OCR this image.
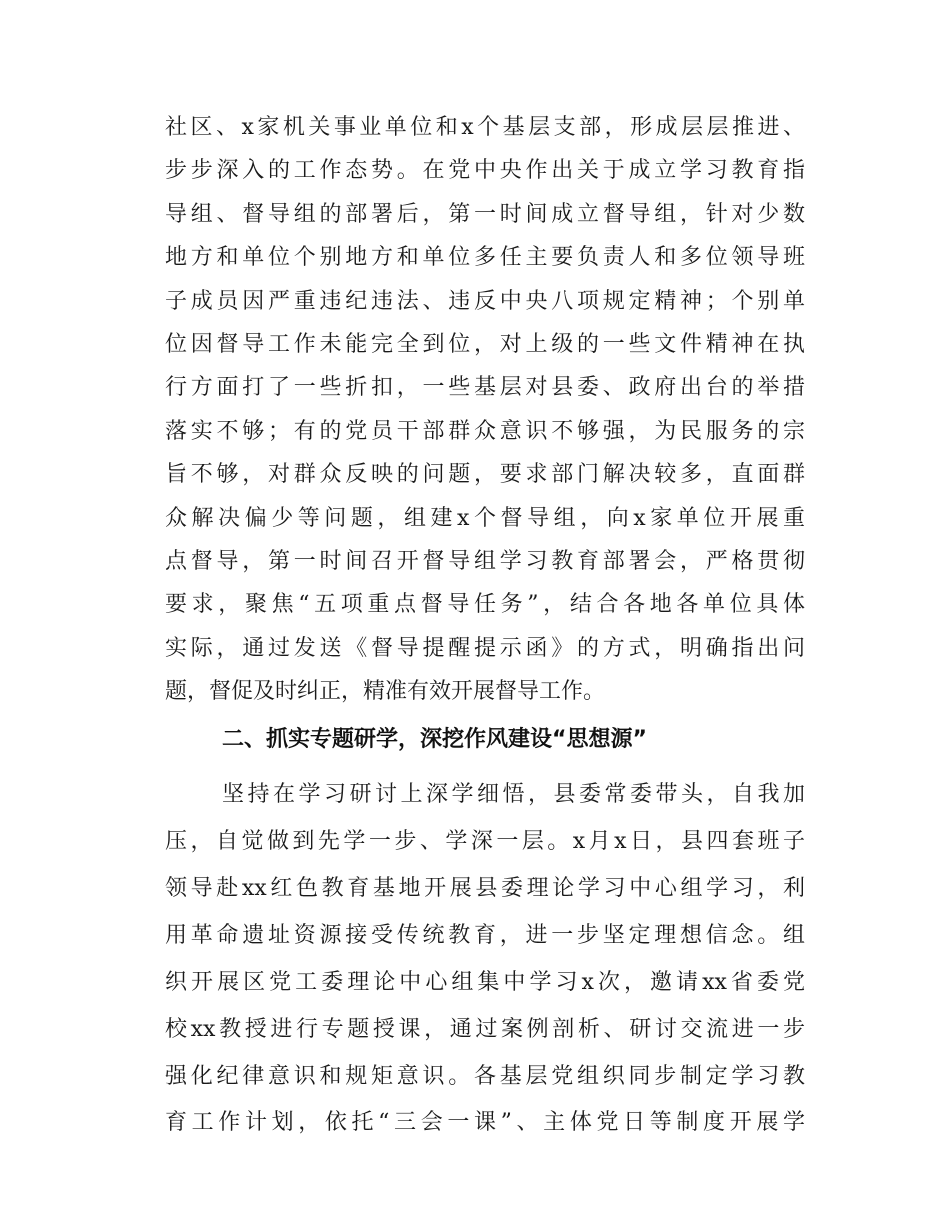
社区、x家机关事业单位和x个基层支部，形成层层推进、
步步深入的工作态势。在党中央作出关于成立学习教育指
导组、督导组的部署后，第一时间成立督导组，针对少数
地方和单位个别地方和单位多任主要负责人和多位领导班
子成员因严重违纪违法、违反中央八项规定精神；个别单
位因督导工作未能完全到位，对上级的一些文件精神在执
行方面打了一些折扣，一些基层对县委、政府出台的举措
落实不够；有的党员干部群众意识不够强，为民服务的宗
旨不够，对群众反映的问题，要求部门解决较多，直面群
众解决偏少等问题，组建x个督导组，向x家单位开展重
点督导，第一时间召开督导组学习教育部署会，严格贯彻
要求，聚焦“五项重点督导任务”，结合各地各单位具体
实际，通过发送《督导提醒提示函》的方式，明确指出问
题，督促及时纠正，精准有效开展督导工作。
二、抓实专题研学，深挖作风建设“思想源”
坚持在学习研讨上深学细悟，县委常委带头，自我加
压，自觉做到先学一步、学深一层。x月x日，县四套班子
领导赴xx红色教育基地开展县委理论学习中心组学习，利
用革命遗址资源接受传统教育，进一步坚定理想信念。组
织开展区党工委理论中心组集中学习x次，邀请xx省委党
校xx教授进行专题授课，通过案例剖析、研讨交流进一步
强化纪律意识和规矩意识。各基层党组织同步制定学习教
育工作计划，依托“三会一课”、主体党日等制度开展学
